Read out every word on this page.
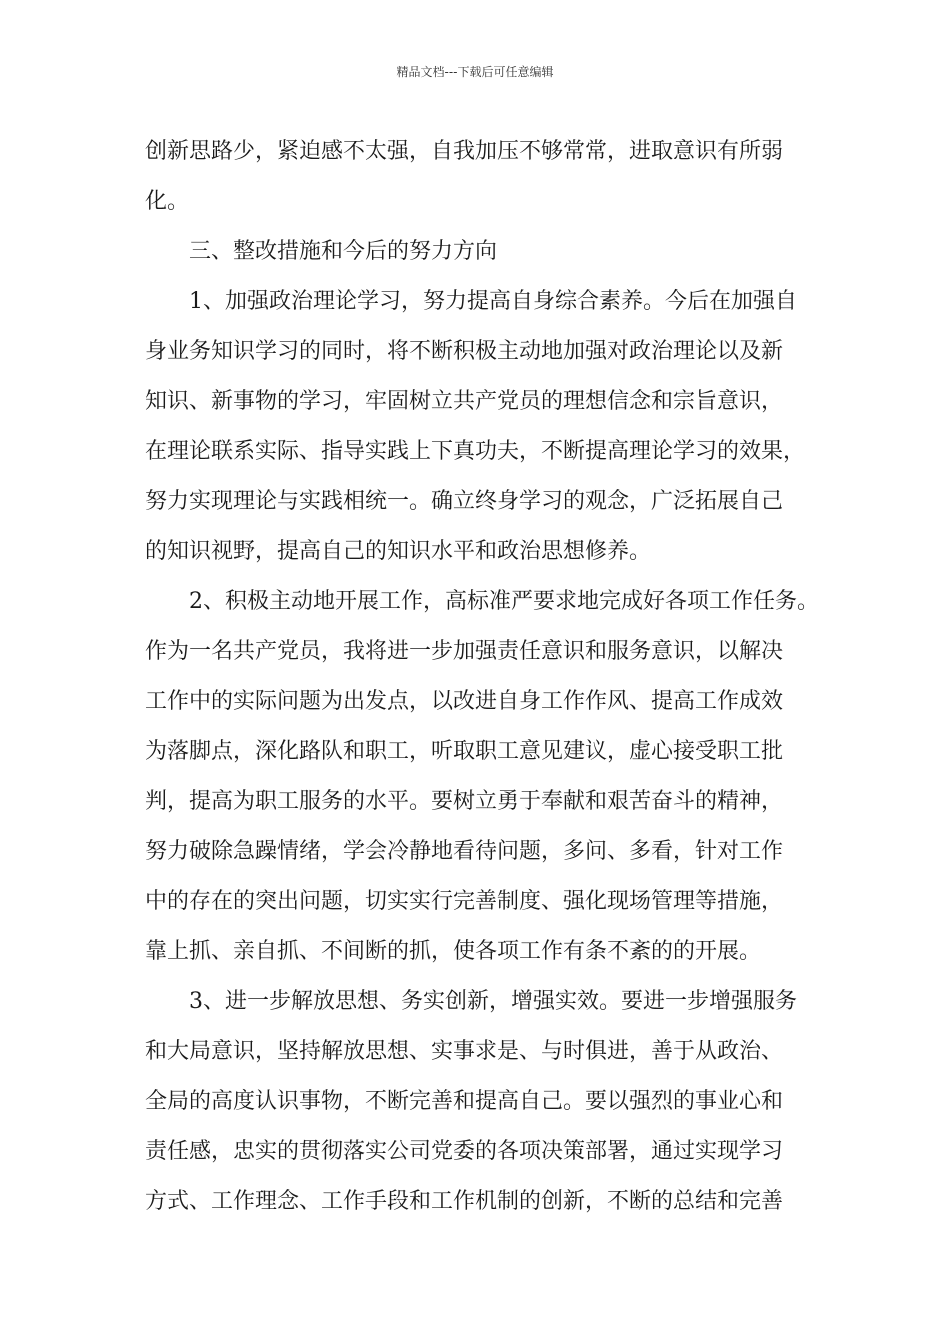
精品文档---下载后可任意编辑
创新思路少，紧迫感不太强，自我加压不够常常，进取意识有所弱
化。
三、整改措施和今后的努力方向
1、加强政治理论学习，努力提高自身综合素养。今后在加强自
身业务知识学习的同时，将不断积极主动地加强对政治理论以及新
知识、新事物的学习，牢固树立共产党员的理想信念和宗旨意识，
在理论联系实际、指导实践上下真功夫，不断提高理论学习的效果，
努力实现理论与实践相统一。确立终身学习的观念，广泛拓展自己
的知识视野，提高自己的知识水平和政治思想修养。
2、积极主动地开展工作，高标准严要求地完成好各项工作任务。
作为一名共产党员，我将进一步加强责任意识和服务意识，以解决
工作中的实际问题为出发点，以改进自身工作作风、提高工作成效
为落脚点，深化路队和职工，听取职工意见建议，虚心接受职工批
判，提高为职工服务的水平。要树立勇于奉献和艰苦奋斗的精神，
努力破除急躁情绪，学会冷静地看待问题，多问、多看，针对工作
中的存在的突出问题，切实实行完善制度、强化现场管理等措施，
靠上抓、亲自抓、不间断的抓，使各项工作有条不紊的的开展。
3、进一步解放思想、务实创新，增强实效。要进一步增强服务
和大局意识，坚持解放思想、实事求是、与时俱进，善于从政治、
全局的高度认识事物，不断完善和提高自己。要以强烈的事业心和
责任感，忠实的贯彻落实公司党委的各项决策部署，通过实现学习
方式、工作理念、工作手段和工作机制的创新，不断的总结和完善
